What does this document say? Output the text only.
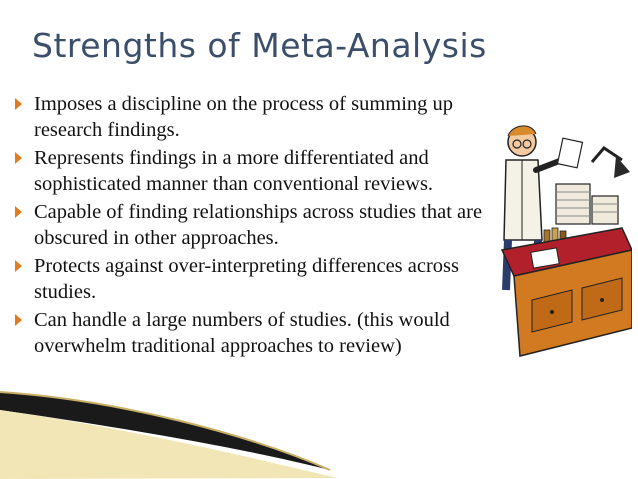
Strengths of Meta-Analysis
Imposes a discipline on the process of summing up research findings.
Represents findings in a more differentiated and sophisticated manner than conventional reviews.
Capable of finding relationships across studies that are obscured in other approaches.
Protects against over-interpreting differences across studies.
Can handle a large numbers of studies. (this would overwhelm traditional approaches to review)
